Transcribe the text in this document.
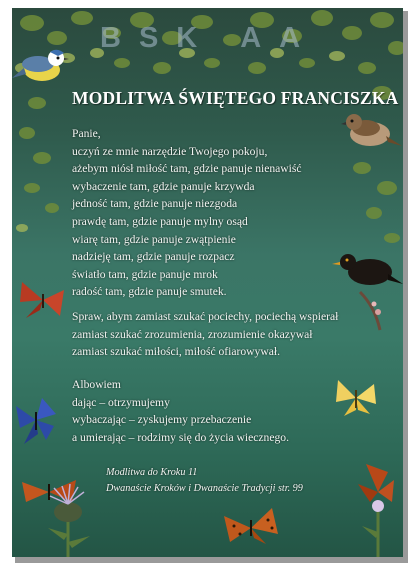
BSK AA
MODLITWA ŚWIĘTEGO FRANCISZKA
Panie,
uczyń ze mnie narzędzie Twojego pokoju,
ażebym niósł miłość tam, gdzie panuje nienawiść
wybaczenie tam, gdzie panuje krzywda
jedność tam, gdzie panuje niezgoda
prawdę tam, gdzie panuje mylny osąd
wiarę tam, gdzie panuje zwątpienie
nadzieję tam, gdzie panuje rozpacz
światło tam, gdzie panuje mrok
radość tam, gdzie panuje smutek.
Spraw, abym zamiast szukać pociechy, pociechą wspierał
zamiast szukać zrozumienia, zrozumienie okazywał
zamiast szukać miłości, miłość ofiarowywał.
Albowiem
dając – otrzymujemy
wybaczając – zyskujemy przebaczenie
a umierając – rodzimy się do życia wiecznego.
Modlitwa do Kroku 11
Dwanaście Kroków i Dwanaście Tradycji str. 99
